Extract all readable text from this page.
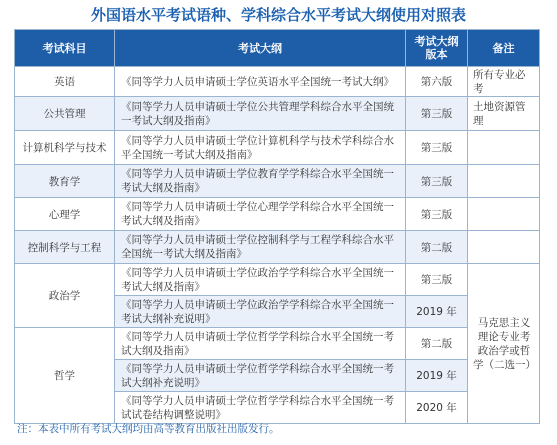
外国语水平考试语种、学科综合水平考试大纲使用对照表
考试科目	考试大纲	考试大纲版本	备注
英语	《同等学力人员申请硕士学位英语水平全国统一考试大纲》	第六版	所有专业必考
公共管理	《同等学力人员申请硕士学位公共管理学科综合水平全国统一考试大纲及指南》	第三版	土地资源管理
计算机科学与技术	《同等学力人员申请硕士学位计算机科学与技术学科综合水平全国统一考试大纲及指南》	第三版	
教育学	《同等学力人员申请硕士学位教育学学科综合水平全国统一考试大纲及指南》	第三版	
心理学	《同等学力人员申请硕士学位心理学学科综合水平全国统一考试大纲及指南》	第三版	
控制科学与工程	《同等学力人员申请硕士学位控制科学与工程学科综合水平全国统一考试大纲及指南》	第二版	
政治学	《同等学力人员申请硕士学位政治学学科综合水平全国统一考试大纲及指南》	第三版	马克思主义理论专业考政治学或哲学（二选一）
	《同等学力人员申请硕士学位政治学学科综合水平全国统一考试大纲补充说明》	2019 年	
哲学	《同等学力人员申请硕士学位哲学学科综合水平全国统一考试大纲及指南》	第二版	
	《同等学力人员申请硕士学位哲学学科综合水平全国统一考试大纲补充说明》	2019 年	
	《同等学力人员申请硕士学位哲学学科综合水平全国统一考试试卷结构调整说明》	2020 年	
注：本表中所有考试大纲均由高等教育出版社出版发行。
